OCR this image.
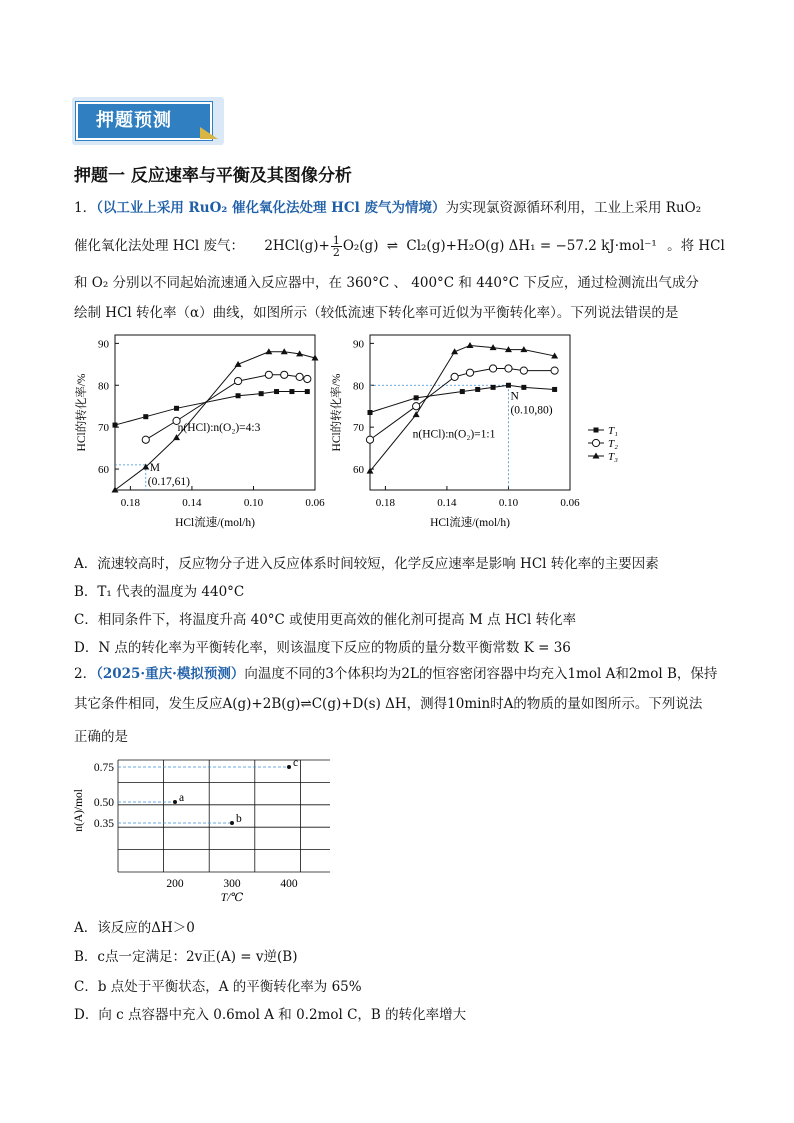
押题预测
押题一 反应速率与平衡及其图像分析
1．（以工业上采用 RuO₂ 催化氧化法处理 HCl 废气为情境）为实现氯资源循环利用，工业上采用 RuO₂
催化氧化法处理 HCl 废气： $2HCl(g)+ \frac{1}{2} O_2(g)$ ⇌ Cl₂(g)+H₂O(g) ΔH₁ = −57.2 kJ·mol⁻¹ 。将 HCl
和 O₂ 分别以不同起始流速通入反应器中，在 360°C 、 400°C 和 440°C 下反应，通过检测流出气成分
绘制 HCl 转化率（α）曲线，如图所示（较低流速下转化率可近似为平衡转化率）。下列说法错误的是
60
70
80
90
0.18	0.14	0.10	0.06
HCl流速/(mol/h)
HCl的转化率/%
M
(0.17,61)
n(HCl):n(O₂)=4:3
60
70
80
90
0.18	0.14	0.10	0.06
HCl流速/(mol/h)
HCl的转化率/%	N
(0.10,80)
n(HCl):n(O₂)=1:1	T₁
T₂
T₃
A．流速较高时，反应物分子进入反应体系时间较短，化学反应速率是影响 HCl 转化率的主要因素
B．T₁ 代表的温度为 440°C
C．相同条件下，将温度升高 40°C 或使用更高效的催化剂可提高 M 点 HCl 转化率
D．N 点的转化率为平衡转化率，则该温度下反应的物质的量分数平衡常数 K = 36
2．（2025·重庆·模拟预测）向温度不同的3个体积均为2L的恒容密闭容器中均充入1mol A和2mol B，保持
其它条件相同，发生反应A(g)+2B(g)⇌C(g)+D(s) ΔH，测得10min时A的物质的量如图所示。下列说法
正确的是
0.35
0.50
0.75
200	300	400
T/℃
n(A)/mol	a
b
c
A．该反应的ΔH＞0
B．c点一定满足：2v正(A) = v逆(B)
C．b 点处于平衡状态，A 的平衡转化率为 65%
D．向 c 点容器中充入 0.6mol A 和 0.2mol C，B 的转化率增大
